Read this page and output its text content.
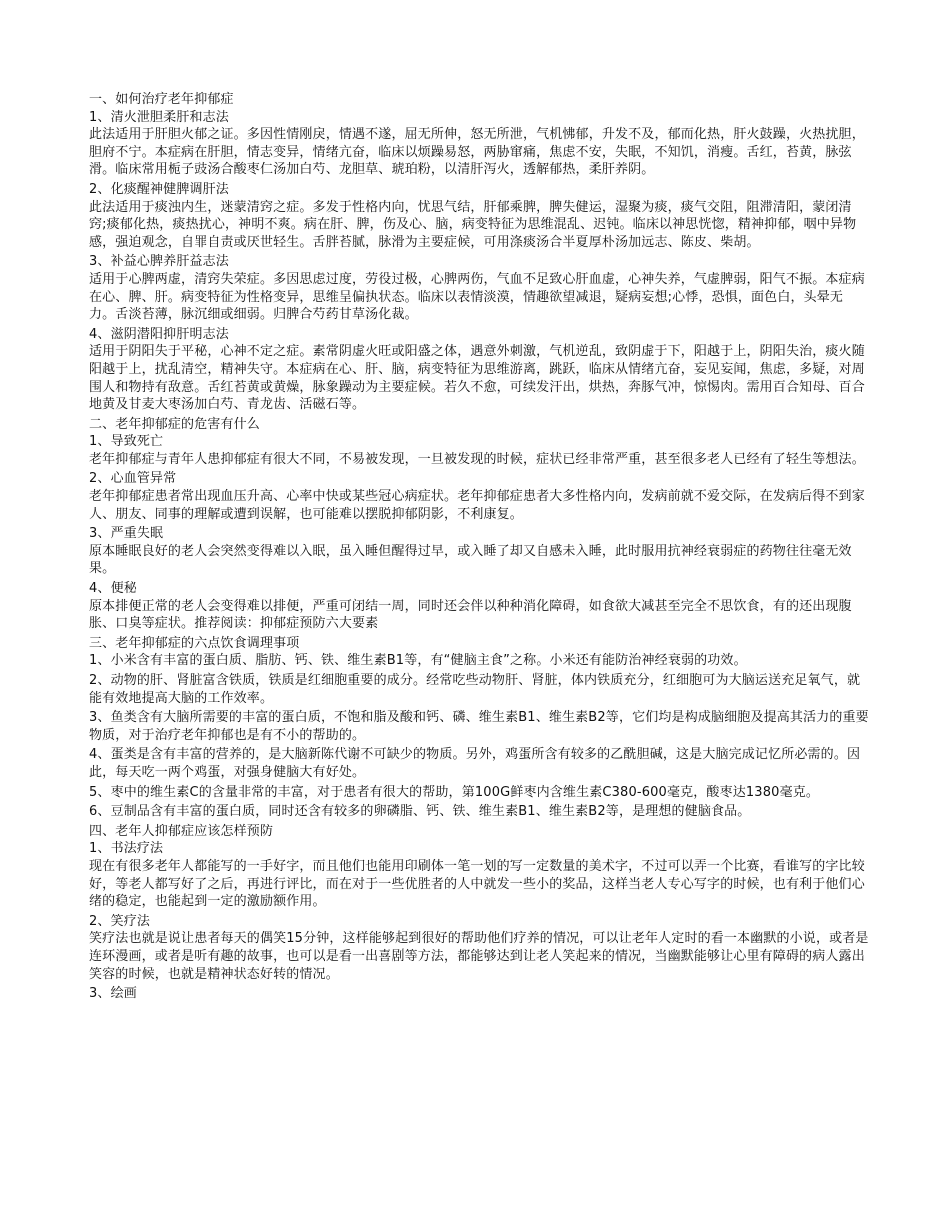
一、如何治疗老年抑郁症
1、清火泄胆柔肝和志法
此法适用于肝胆火郁之证。多因性情刚戾，情遇不遂，屈无所伸，怒无所泄，气机怫郁，升发不及，郁而化热，肝火鼓躁，火热扰胆，胆府不宁。本症病在肝胆，情志变异，情绪亢奋，临床以烦躁易怒，两胁窜痛，焦虑不安，失眠，不知饥，消瘦。舌红，苔黄，脉弦滑。临床常用栀子豉汤合酸枣仁汤加白芍、龙胆草、琥珀粉，以清肝泻火，透解郁热，柔肝养阴。
2、化痰醒神健脾调肝法
此法适用于痰浊内生，迷蒙清窍之症。多发于性格内向，忧思气结，肝郁乘脾，脾失健运，湿聚为痰，痰气交阻，阻滞清阳，蒙闭清窍;痰郁化热，痰热扰心，神明不爽。病在肝、脾，伤及心、脑，病变特征为思维混乱、迟钝。临床以神思恍惚，精神抑郁，咽中异物感，强迫观念，自罪自责或厌世轻生。舌胖苔腻，脉滑为主要症候，可用涤痰汤合半夏厚朴汤加远志、陈皮、柴胡。
3、补益心脾养肝益志法
适用于心脾两虚，清窍失荣症。多因思虑过度，劳役过极，心脾两伤，气血不足致心肝血虚，心神失养，气虚脾弱，阳气不振。本症病在心、脾、肝。病变特征为性格变异，思维呈偏执状态。临床以表情淡漠，情趣欲望减退，疑病妄想;心悸，恐惧，面色白，头晕无力。舌淡苔薄，脉沉细或细弱。归脾合芍药甘草汤化裁。
4、滋阴潜阳抑肝明志法
适用于阴阳失于平秘，心神不定之症。素常阴虚火旺或阳盛之体，遇意外刺激，气机逆乱，致阴虚于下，阳越于上，阴阳失治，痰火随阳越于上，扰乱清空，精神失守。本症病在心、肝、脑，病变特征为思维游离，跳跃，临床从情绪亢奋，妄见妄闻，焦虑，多疑，对周围人和物持有敌意。舌红苔黄或黄燥，脉象躁动为主要症候。若久不愈，可续发汗出，烘热，奔豚气冲，惊惕肉。需用百合知母、百合地黄及甘麦大枣汤加白芍、青龙齿、活磁石等。
二、老年抑郁症的危害有什么
1、导致死亡
老年抑郁症与青年人患抑郁症有很大不同，不易被发现，一旦被发现的时候，症状已经非常严重，甚至很多老人已经有了轻生等想法。
2、心血管异常
老年抑郁症患者常出现血压升高、心率中快或某些冠心病症状。老年抑郁症患者大多性格内向，发病前就不爱交际，在发病后得不到家人、朋友、同事的理解或遭到误解，也可能难以摆脱抑郁阴影，不利康复。
3、严重失眠
原本睡眠良好的老人会突然变得难以入眠，虽入睡但醒得过早，或入睡了却又自感未入睡，此时服用抗神经衰弱症的药物往往毫无效果。
4、便秘
原本排便正常的老人会变得难以排便，严重可闭结一周，同时还会伴以种种消化障碍，如食欲大减甚至完全不思饮食，有的还出现腹胀、口臭等症状。推荐阅读：抑郁症预防六大要素
三、老年抑郁症的六点饮食调理事项
1、小米含有丰富的蛋白质、脂肪、钙、铁、维生素B1等，有“健脑主食”之称。小米还有能防治神经衰弱的功效。
2、动物的肝、肾脏富含铁质，铁质是红细胞重要的成分。经常吃些动物肝、肾脏，体内铁质充分，红细胞可为大脑运送充足氧气，就能有效地提高大脑的工作效率。
3、鱼类含有大脑所需要的丰富的蛋白质，不饱和脂及酸和钙、磷、维生素B1、维生素B2等，它们均是构成脑细胞及提高其活力的重要物质，对于治疗老年抑郁也是有不小的帮助的。
4、蛋类是含有丰富的营养的，是大脑新陈代谢不可缺少的物质。另外，鸡蛋所含有较多的乙酰胆碱，这是大脑完成记忆所必需的。因此，每天吃一两个鸡蛋，对强身健脑大有好处。
5、枣中的维生素C的含量非常的丰富，对于患者有很大的帮助，第100G鲜枣内含维生素C380-600毫克，酸枣达1380毫克。
6、豆制品含有丰富的蛋白质，同时还含有较多的卵磷脂、钙、铁、维生素B1、维生素B2等，是理想的健脑食品。
四、老年人抑郁症应该怎样预防
1、书法疗法
现在有很多老年人都能写的一手好字，而且他们也能用印刷体一笔一划的写一定数量的美术字，不过可以弄一个比赛，看谁写的字比较好，等老人都写好了之后，再进行评比，而在对于一些优胜者的人中就发一些小的奖品，这样当老人专心写字的时候，也有利于他们心绪的稳定，也能起到一定的激励额作用。
2、笑疗法
笑疗法也就是说让患者每天的偶笑15分钟，这样能够起到很好的帮助他们疗养的情况，可以让老年人定时的看一本幽默的小说，或者是连环漫画，或者是听有趣的故事，也可以是看一出喜剧等方法，都能够达到让老人笑起来的情况，当幽默能够让心里有障碍的病人露出笑容的时候，也就是精神状态好转的情况。
3、绘画
